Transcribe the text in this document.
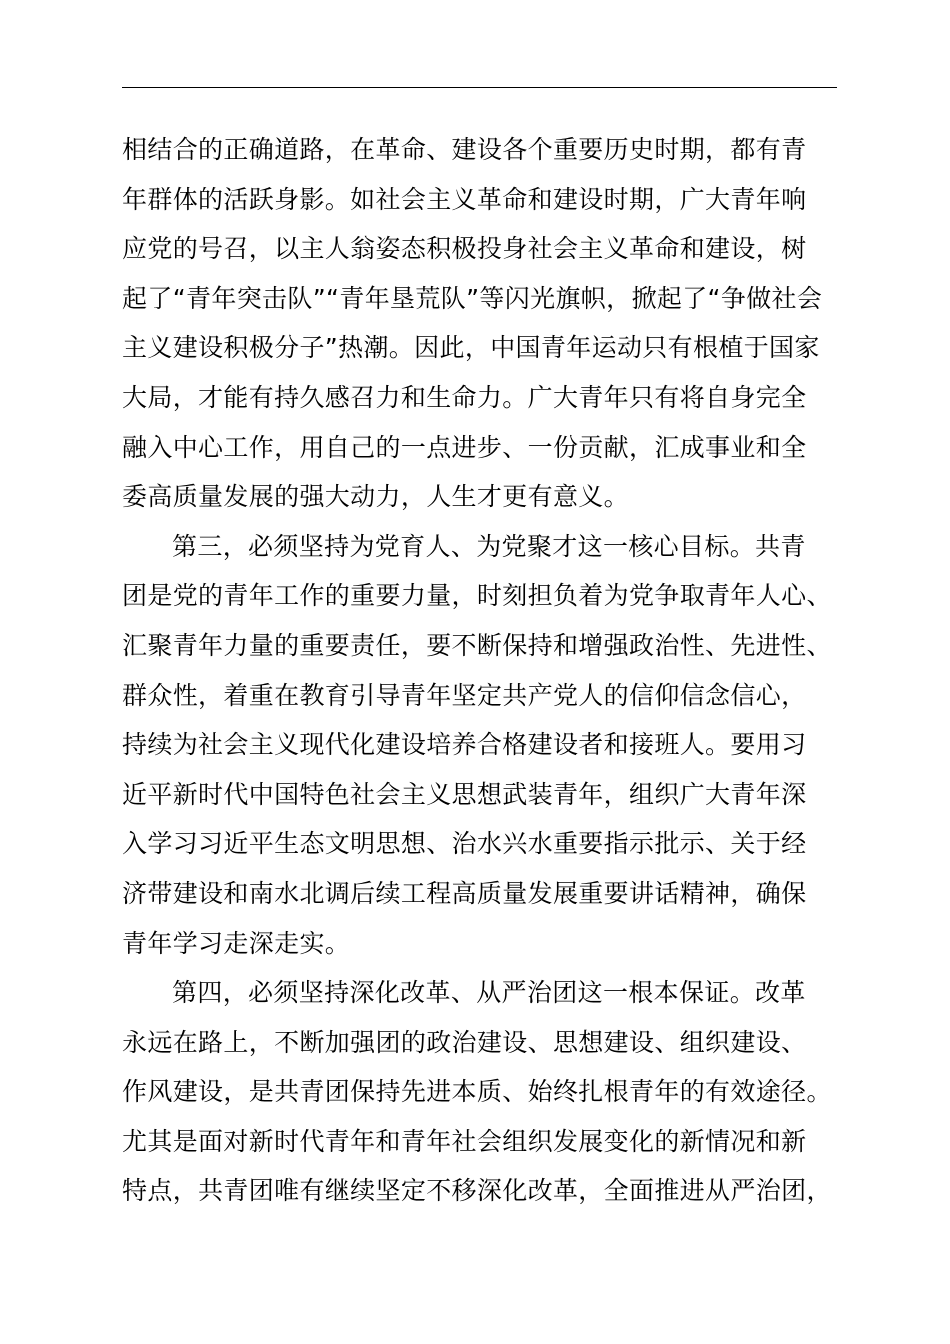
相结合的正确道路，在革命、建设各个重要历史时期，都有青
年群体的活跃身影。如社会主义革命和建设时期，广大青年响
应党的号召，以主人翁姿态积极投身社会主义革命和建设，树
起了“青年突击队”“青年垦荒队”等闪光旗帜，掀起了“争做社会
主义建设积极分子”热潮。因此，中国青年运动只有根植于国家
大局，才能有持久感召力和生命力。广大青年只有将自身完全
融入中心工作，用自己的一点进步、一份贡献，汇成事业和全
委高质量发展的强大动力，人生才更有意义。
第三，必须坚持为党育人、为党聚才这一核心目标。共青
团是党的青年工作的重要力量，时刻担负着为党争取青年人心、
汇聚青年力量的重要责任，要不断保持和增强政治性、先进性、
群众性，着重在教育引导青年坚定共产党人的信仰信念信心，
持续为社会主义现代化建设培养合格建设者和接班人。要用习
近平新时代中国特色社会主义思想武装青年，组织广大青年深
入学习习近平生态文明思想、治水兴水重要指示批示、关于经
济带建设和南水北调后续工程高质量发展重要讲话精神，确保
青年学习走深走实。
第四，必须坚持深化改革、从严治团这一根本保证。改革
永远在路上，不断加强团的政治建设、思想建设、组织建设、
作风建设，是共青团保持先进本质、始终扎根青年的有效途径。
尤其是面对新时代青年和青年社会组织发展变化的新情况和新
特点，共青团唯有继续坚定不移深化改革，全面推进从严治团，
